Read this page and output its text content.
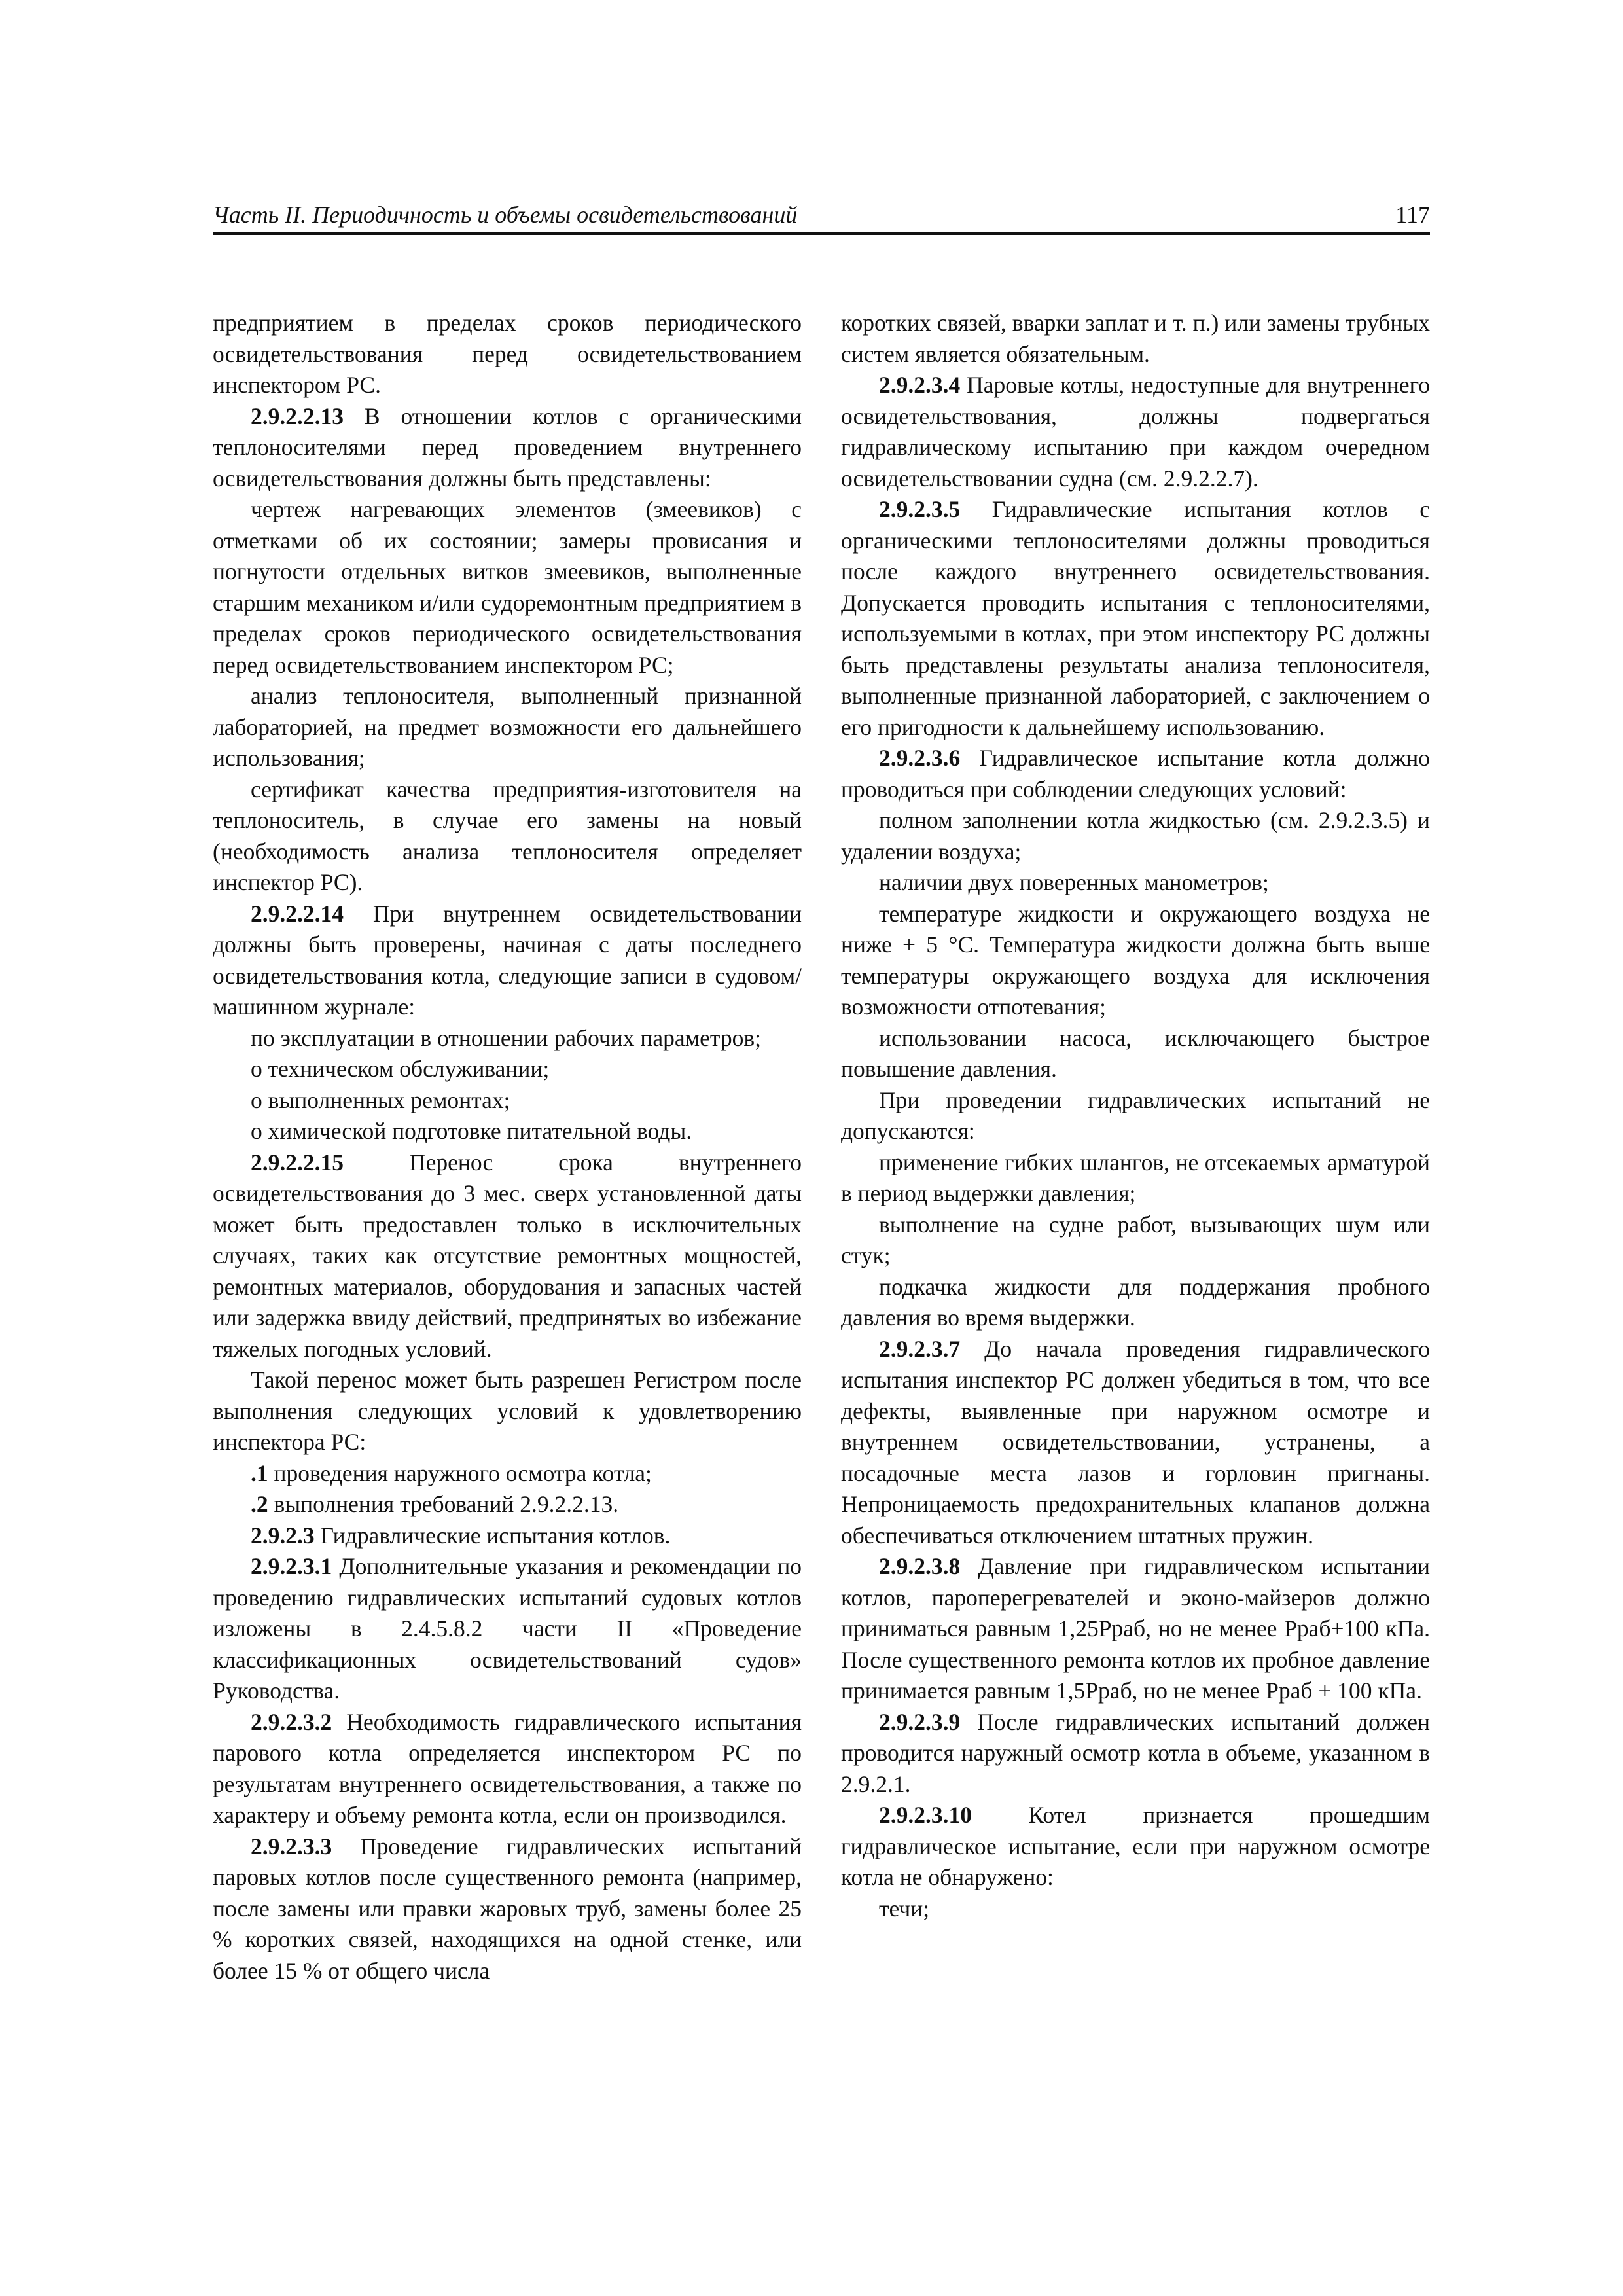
Часть II. Периодичность и объемы освидетельствований	117

предприятием в пределах сроков периодического освидетельствования перед освидетельствованием инспектором РС.

2.9.2.2.13 В отношении котлов с органическими теплоносителями перед проведением внутреннего освидетельствования должны быть представлены:

чертеж нагревающих элементов (змеевиков) с отметками об их состоянии; замеры провисания и погнутости отдельных витков змеевиков, выполненные старшим механиком и/или судоремонтным предприятием в пределах сроков периодического освидетельствования перед освидетельствованием инспектором РС;

анализ теплоносителя, выполненный признанной лабораторией, на предмет возможности его дальнейшего использования;

сертификат качества предприятия-изготовителя на теплоноситель, в случае его замены на новый (необходимость анализа теплоносителя определяет инспектор РС).

2.9.2.2.14 При внутреннем освидетельствовании должны быть проверены, начиная с даты последнего освидетельствования котла, следующие записи в судовом/машинном журнале:

по эксплуатации в отношении рабочих параметров;

о техническом обслуживании;

о выполненных ремонтах;

о химической подготовке питательной воды.

2.9.2.2.15 Перенос срока внутреннего освидетельствования до 3 мес. сверх установленной даты может быть предоставлен только в исключительных случаях, таких как отсутствие ремонтных мощностей, ремонтных материалов, оборудования и запасных частей или задержка ввиду действий, предпринятых во избежание тяжелых погодных условий.

Такой перенос может быть разрешен Регистром после выполнения следующих условий к удовлетворению инспектора РС:

.1 проведения наружного осмотра котла;

.2 выполнения требований 2.9.2.2.13.

2.9.2.3 Гидравлические испытания котлов.

2.9.2.3.1 Дополнительные указания и рекомендации по проведению гидравлических испытаний судовых котлов изложены в 2.4.5.8.2 части II «Проведение классификационных освидетельствований судов» Руководства.

2.9.2.3.2 Необходимость гидравлического испытания парового котла определяется инспектором РС по результатам внутреннего освидетельствования, а также по характеру и объему ремонта котла, если он производился.

2.9.2.3.3 Проведение гидравлических испытаний паровых котлов после существенного ремонта (например, после замены или правки жаровых труб, замены более 25 % коротких связей, находящихся на одной стенке, или более 15 % от общего числа

коротких связей, вварки заплат и т. п.) или замены трубных систем является обязательным.

2.9.2.3.4 Паровые котлы, недоступные для внутреннего освидетельствования, должны подвергаться гидравлическому испытанию при каждом очередном освидетельствовании судна (см. 2.9.2.2.7).

2.9.2.3.5 Гидравлические испытания котлов с органическими теплоносителями должны проводиться после каждого внутреннего освидетельствования. Допускается проводить испытания с теплоносителями, используемыми в котлах, при этом инспектору РС должны быть представлены результаты анализа теплоносителя, выполненные признанной лабораторией, с заключением о его пригодности к дальнейшему использованию.

2.9.2.3.6 Гидравлическое испытание котла должно проводиться при соблюдении следующих условий:

полном заполнении котла жидкостью (см. 2.9.2.3.5) и удалении воздуха;

наличии двух поверенных манометров;

температуре жидкости и окружающего воздуха не ниже + 5 °С. Температура жидкости должна быть выше температуры окружающего воздуха для исключения возможности отпотевания;

использовании насоса, исключающего быстрое повышение давления.

При проведении гидравлических испытаний не допускаются:

применение гибких шлангов, не отсекаемых арматурой в период выдержки давления;

выполнение на судне работ, вызывающих шум или стук;

подкачка жидкости для поддержания пробного давления во время выдержки.

2.9.2.3.7 До начала проведения гидравлического испытания инспектор РС должен убедиться в том, что все дефекты, выявленные при наружном осмотре и внутреннем освидетельствовании, устранены, а посадочные места лазов и горловин пригнаны. Непроницаемость предохранительных клапанов должна обеспечиваться отключением штатных пружин.

2.9.2.3.8 Давление при гидравлическом испытании котлов, пароперегревателей и эконо-майзеров должно приниматься равным 1,25Pраб, но не менее Pраб+100 кПа. После существенного ремонта котлов их пробное давление принимается равным 1,5Pраб, но не менее Pраб + 100 кПа.

2.9.2.3.9 После гидравлических испытаний должен проводится наружный осмотр котла в объеме, указанном в 2.9.2.1.

2.9.2.3.10 Котел признается прошедшим гидравлическое испытание, если при наружном осмотре котла не обнаружено:

течи;
